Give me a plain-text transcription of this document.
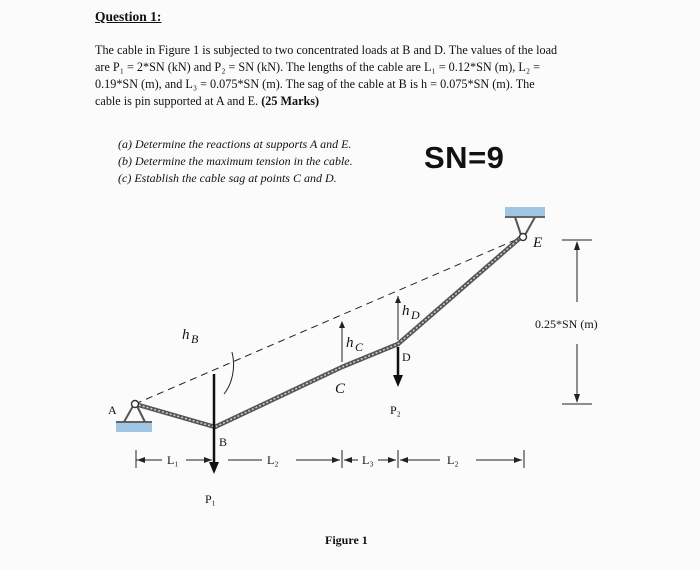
Question 1:
The cable in Figure 1 is subjected to two concentrated loads at B and D. The values of the load
are P₁ = 2*SN (kN) and P₂ = SN (kN). The lengths of the cable are L₁ = 0.12*SN (m), L₂ =
0.19*SN (m), and L₃ = 0.075*SN (m). The sag of the cable at B is h = 0.075*SN (m). The
cable is pin supported at A and E. (25 Marks)
(a) Determine the reactions at supports A and E.
(b) Determine the maximum tension in the cable.
(c) Establish the cable sag at points C and D.
SN=9
A
B
C
D
E
h B	h C
h D
P₁
P₂
L₁	L₂	L₃	L₂
0.25*SN (m)
Figure 1
